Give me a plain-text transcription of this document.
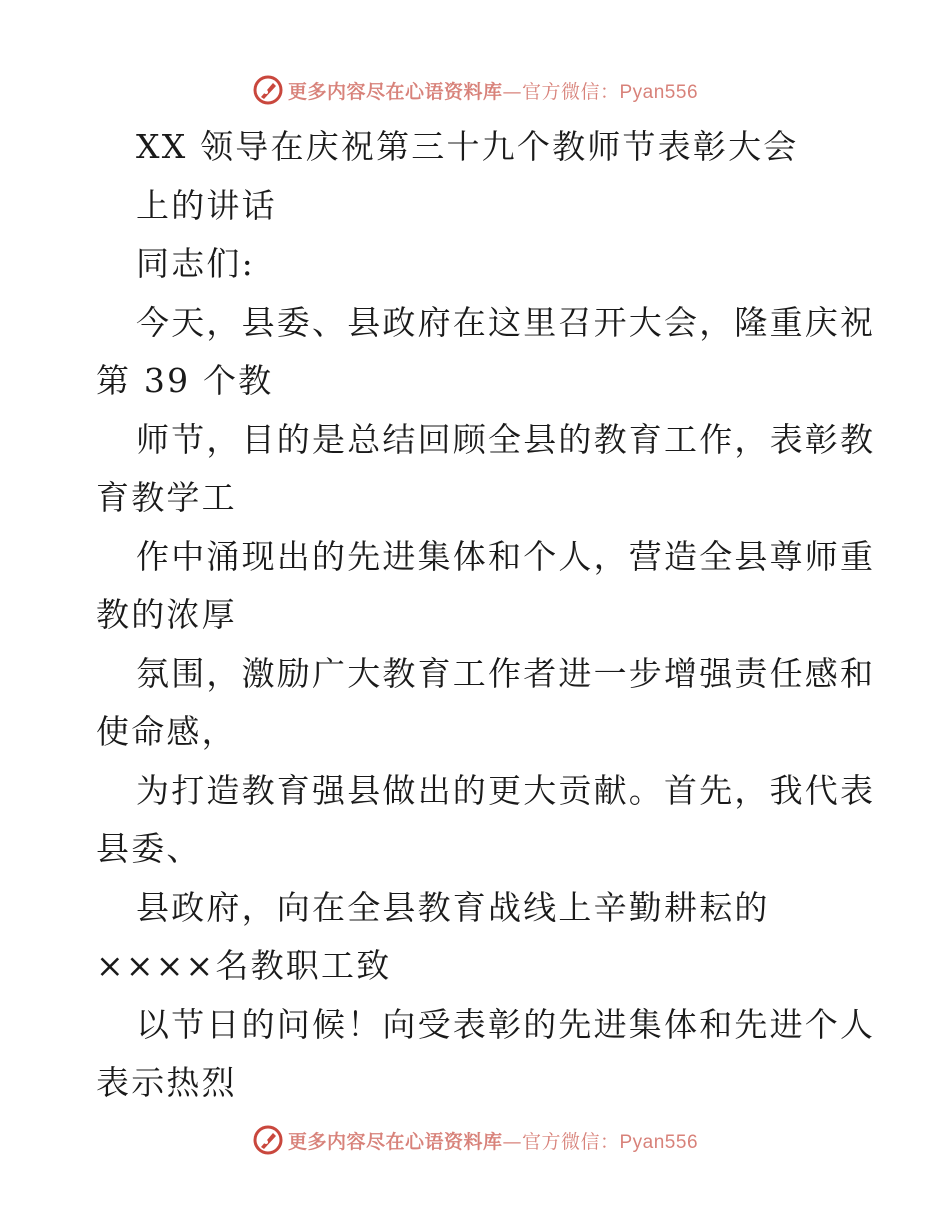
更多内容尽在心语资料库—官方微信：Pyan556
XX 领导在庆祝第三十九个教师节表彰大会
上的讲话
同志们:
今天，县委、县政府在这里召开大会，隆重庆祝
第 39 个教
师节，目的是总结回顾全县的教育工作，表彰教
育教学工
作中涌现出的先进集体和个人，营造全县尊师重
教的浓厚
氛围，激励广大教育工作者进一步增强责任感和
使命感，
为打造教育强县做出的更大贡献。首先，我代表
县委、
县政府，向在全县教育战线上辛勤耕耘的
××××名教职工致
以节日的问候！向受表彰的先进集体和先进个人
表示热烈
更多内容尽在心语资料库—官方微信：Pyan556
